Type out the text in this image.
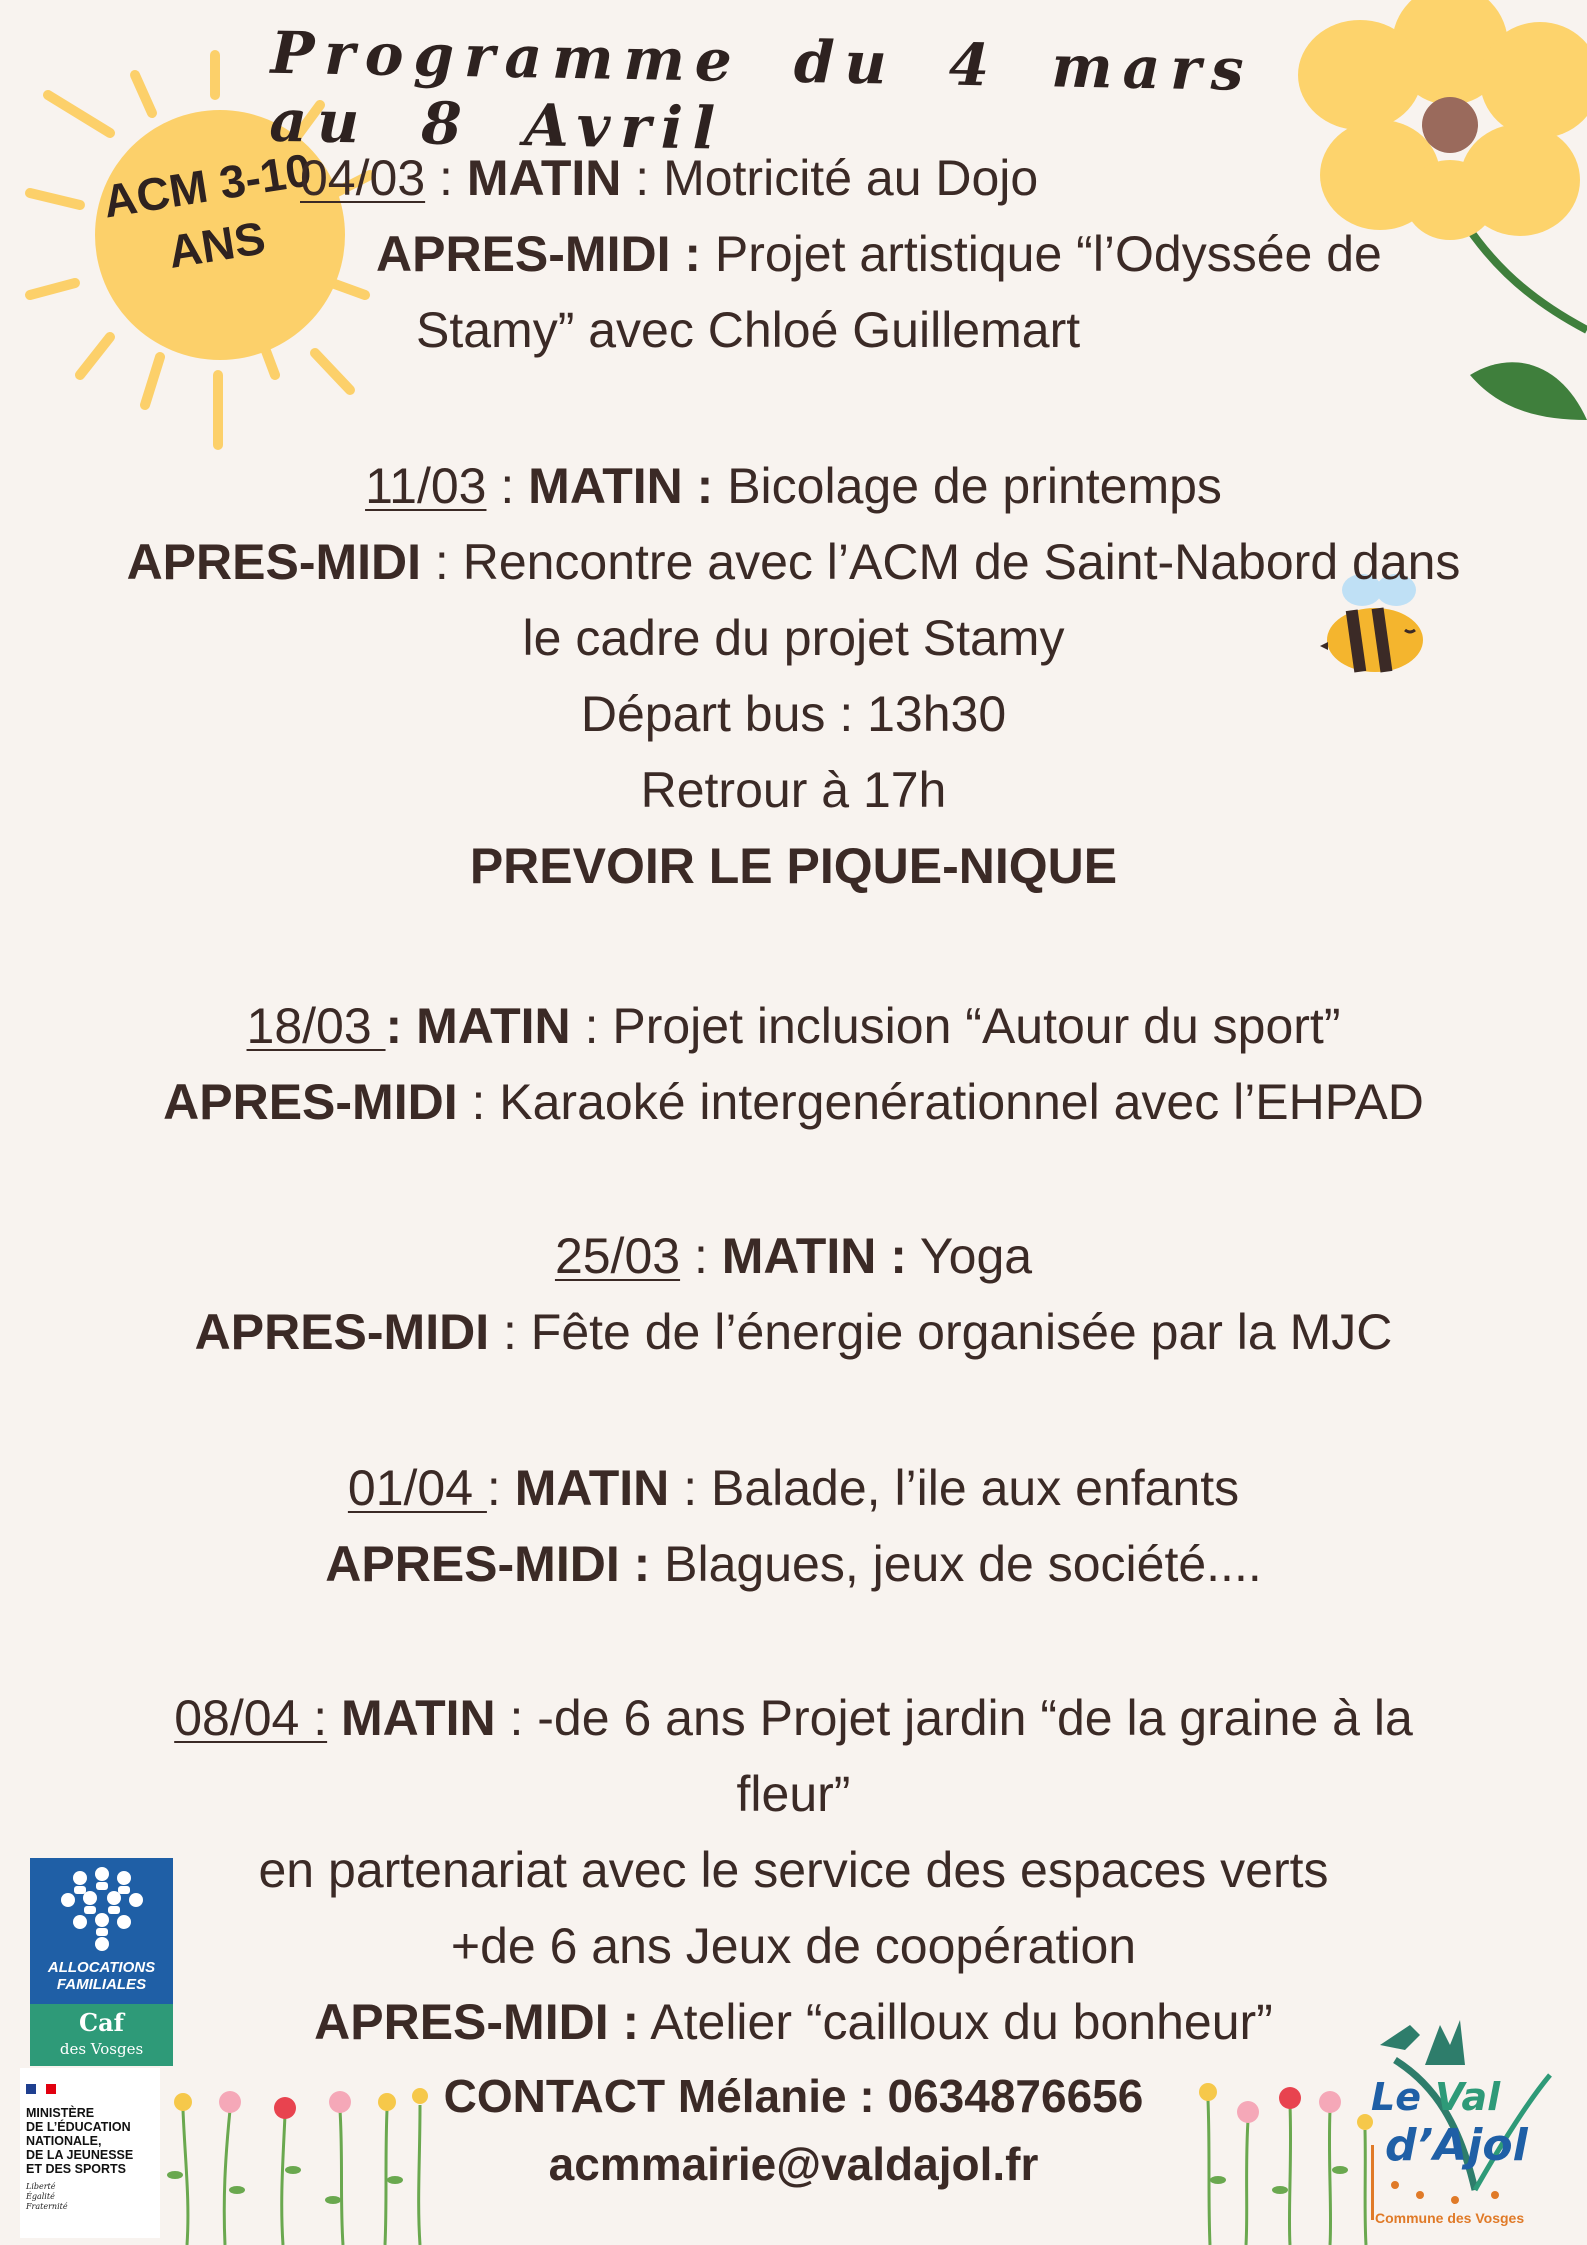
ACM 3-10
ANS
Programme du 4 mars au 8 Avril
04/03 : MATIN : Motricité au Dojo
APRES-MIDI : Projet artistique “l’Odyssée de
Stamy” avec Chloé Guillemart
11/03 : MATIN : Bicolage de printemps
APRES-MIDI : Rencontre avec l’ACM de Saint-Nabord dans
le cadre du projet Stamy
Départ bus : 13h30
Retrour à 17h
PREVOIR LE PIQUE-NIQUE
18/03 : MATIN : Projet inclusion “Autour du sport”
APRES-MIDI : Karaoké intergenérationnel avec l’EHPAD
25/03 : MATIN : Yoga
APRES-MIDI : Fête de l’énergie organisée par la MJC
01/04 : MATIN : Balade, l’ile aux enfants
APRES-MIDI : Blagues, jeux de société....
08/04 : MATIN : -de 6 ans Projet jardin “de la graine à la
fleur”
en partenariat avec le service des espaces verts
+de 6 ans Jeux de coopération
APRES-MIDI : Atelier “cailloux du bonheur”
CONTACT Mélanie : 0634876656
acmmairie@valdajol.fr
ALLOCATIONS
FAMILIALES
Caf
des Vosges
MINISTÈRE
DE L’ÉDUCATION
NATIONALE,
DE LA JEUNESSE
ET DES SPORTS
Liberté
Égalité
Fraternité
Le Val
d’Ajol
Commune des Vosges
